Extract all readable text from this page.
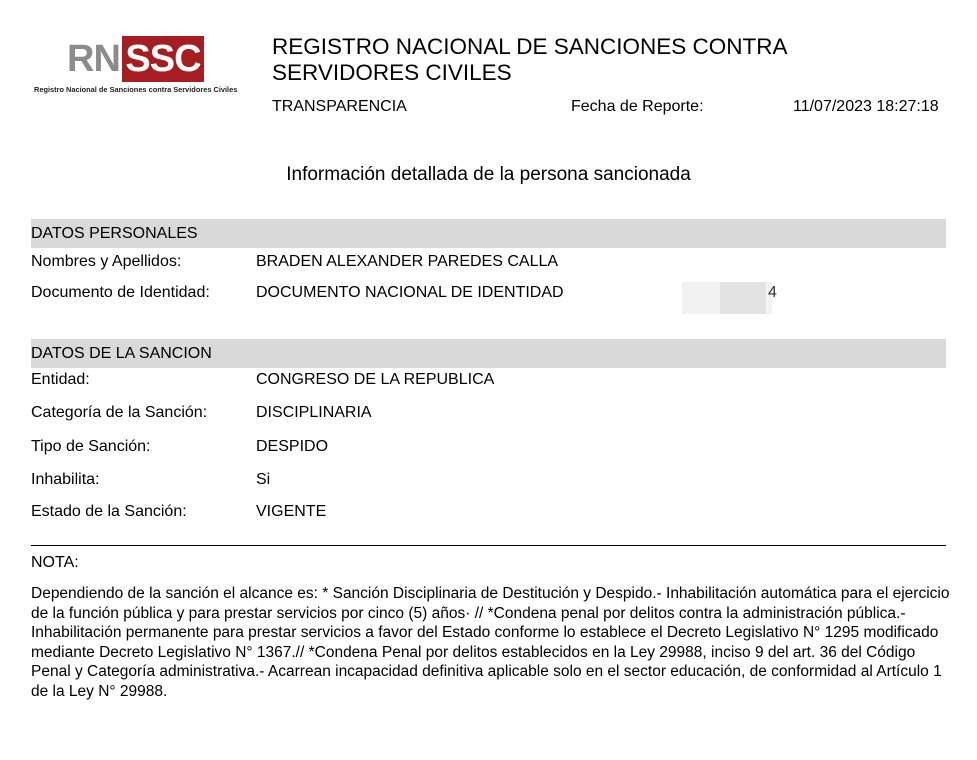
RN SSC
Registro Nacional de Sanciones contra Servidores Civiles
REGISTRO NACIONAL DE SANCIONES CONTRA
SERVIDORES CIVILES
TRANSPARENCIA	Fecha de Reporte:	11/07/2023 18:27:18
Información detallada de la persona sancionada
DATOS PERSONALES
Nombres y Apellidos:	BRADEN ALEXANDER PAREDES CALLA
Documento de Identidad:	DOCUMENTO NACIONAL DE IDENTIDAD	4
DATOS DE LA SANCION
Entidad:	CONGRESO DE LA REPUBLICA
Categoría de la Sanción:	DISCIPLINARIA
Tipo de Sanción:	DESPIDO
Inhabilita:	Si
Estado de la Sanción:	VIGENTE
NOTA:
Dependiendo de la sanción el alcance es: * Sanción Disciplinaria de Destitución y Despido.- Inhabilitación automática para el ejercicio de la función pública y para prestar servicios por cinco (5) años· // *Condena penal por delitos contra la administración pública.- Inhabilitación permanente para prestar servicios a favor del Estado conforme lo establece el Decreto Legislativo N° 1295 modificado mediante Decreto Legislativo N° 1367.// *Condena Penal por delitos establecidos en la Ley 29988, inciso 9 del art. 36 del Código Penal y Categoría administrativa.- Acarrean incapacidad definitiva aplicable solo en el sector educación, de conformidad al Artículo 1 de la Ley N° 29988.
